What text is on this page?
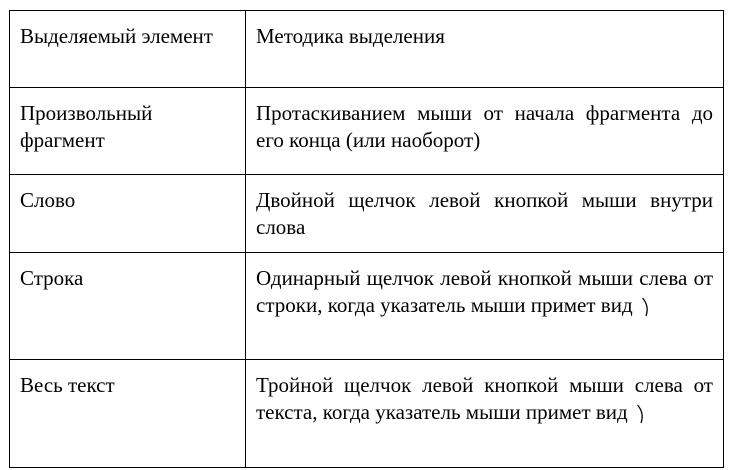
Выделяемый элемент	Методика выделения
Произвольный фрагмент	Протаскиванием мыши от начала фрагмента до его конца (или наоборот)
Слово	Двойной щелчок левой кнопкой мыши внутри слова
Строка	Одинарный щелчок левой кнопкой мыши слева от строки, когда указатель мыши примет вид

Весь текст	Тройной щелчок левой кнопкой мыши слева от текста, когда указатель мыши примет вид
